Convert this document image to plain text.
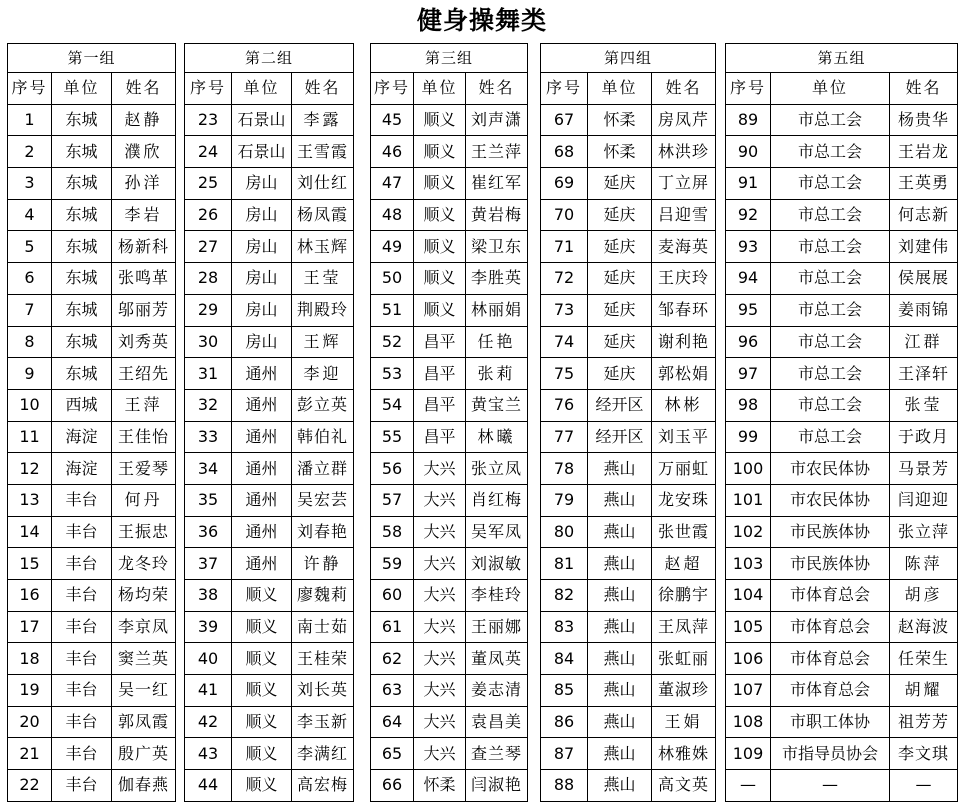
健身操舞类
第一组		
序号	单位	姓名
1	东城	赵静
2	东城	濮欣
3	东城	孙洋
4	东城	李岩
5	东城	杨新科
6	东城	张鸣革
7	东城	邬丽芳
8	东城	刘秀英
9	东城	王绍先
10	西城	王萍
11	海淀	王佳怡
12	海淀	王爱琴
13	丰台	何丹
14	丰台	王振忠
15	丰台	龙冬玲
16	丰台	杨均荣
17	丰台	李京凤
18	丰台	窦兰英
19	丰台	吴一红
20	丰台	郭凤霞
21	丰台	殷广英
22	丰台	伽春燕
第二组		
序号	单位	姓名
23	石景山	李露
24	石景山	王雪霞
25	房山	刘仕红
26	房山	杨凤霞
27	房山	林玉辉
28	房山	王莹
29	房山	荆殿玲
30	房山	王辉
31	通州	李迎
32	通州	彭立英
33	通州	韩伯礼
34	通州	潘立群
35	通州	吴宏芸
36	通州	刘春艳
37	通州	许静
38	顺义	廖魏莉
39	顺义	南士茹
40	顺义	王桂荣
41	顺义	刘长英
42	顺义	李玉新
43	顺义	李满红
44	顺义	高宏梅
第三组		
序号	单位	姓名
45	顺义	刘声潇
46	顺义	王兰萍
47	顺义	崔红军
48	顺义	黄岩梅
49	顺义	梁卫东
50	顺义	李胜英
51	顺义	林丽娟
52	昌平	任艳
53	昌平	张莉
54	昌平	黄宝兰
55	昌平	林曦
56	大兴	张立凤
57	大兴	肖红梅
58	大兴	吴军凤
59	大兴	刘淑敏
60	大兴	李桂玲
61	大兴	王丽娜
62	大兴	董凤英
63	大兴	姜志清
64	大兴	袁昌美
65	大兴	查兰琴
66	怀柔	闫淑艳
第四组		
序号	单位	姓名
67	怀柔	房凤芹
68	怀柔	林洪珍
69	延庆	丁立屏
70	延庆	吕迎雪
71	延庆	麦海英
72	延庆	王庆玲
73	延庆	邹春环
74	延庆	谢利艳
75	延庆	郭松娟
76	经开区	林彬
77	经开区	刘玉平
78	燕山	万丽虹
79	燕山	龙安珠
80	燕山	张世霞
81	燕山	赵超
82	燕山	徐鹏宇
83	燕山	王凤萍
84	燕山	张虹丽
85	燕山	董淑珍
86	燕山	王娟
87	燕山	林雅姝
88	燕山	高文英
第五组		
序号	单位	姓名
89	市总工会	杨贵华
90	市总工会	王岩龙
91	市总工会	王英勇
92	市总工会	何志新
93	市总工会	刘建伟
94	市总工会	侯展展
95	市总工会	姜雨锦
96	市总工会	江群
97	市总工会	王泽轩
98	市总工会	张莹
99	市总工会	于政月
100	市农民体协	马景芳
101	市农民体协	闫迎迎
102	市民族体协	张立萍
103	市民族体协	陈萍
104	市体育总会	胡彦
105	市体育总会	赵海波
106	市体育总会	任荣生
107	市体育总会	胡耀
108	市职工体协	祖芳芳
109	市指导员协会	李文琪
—	—	—
